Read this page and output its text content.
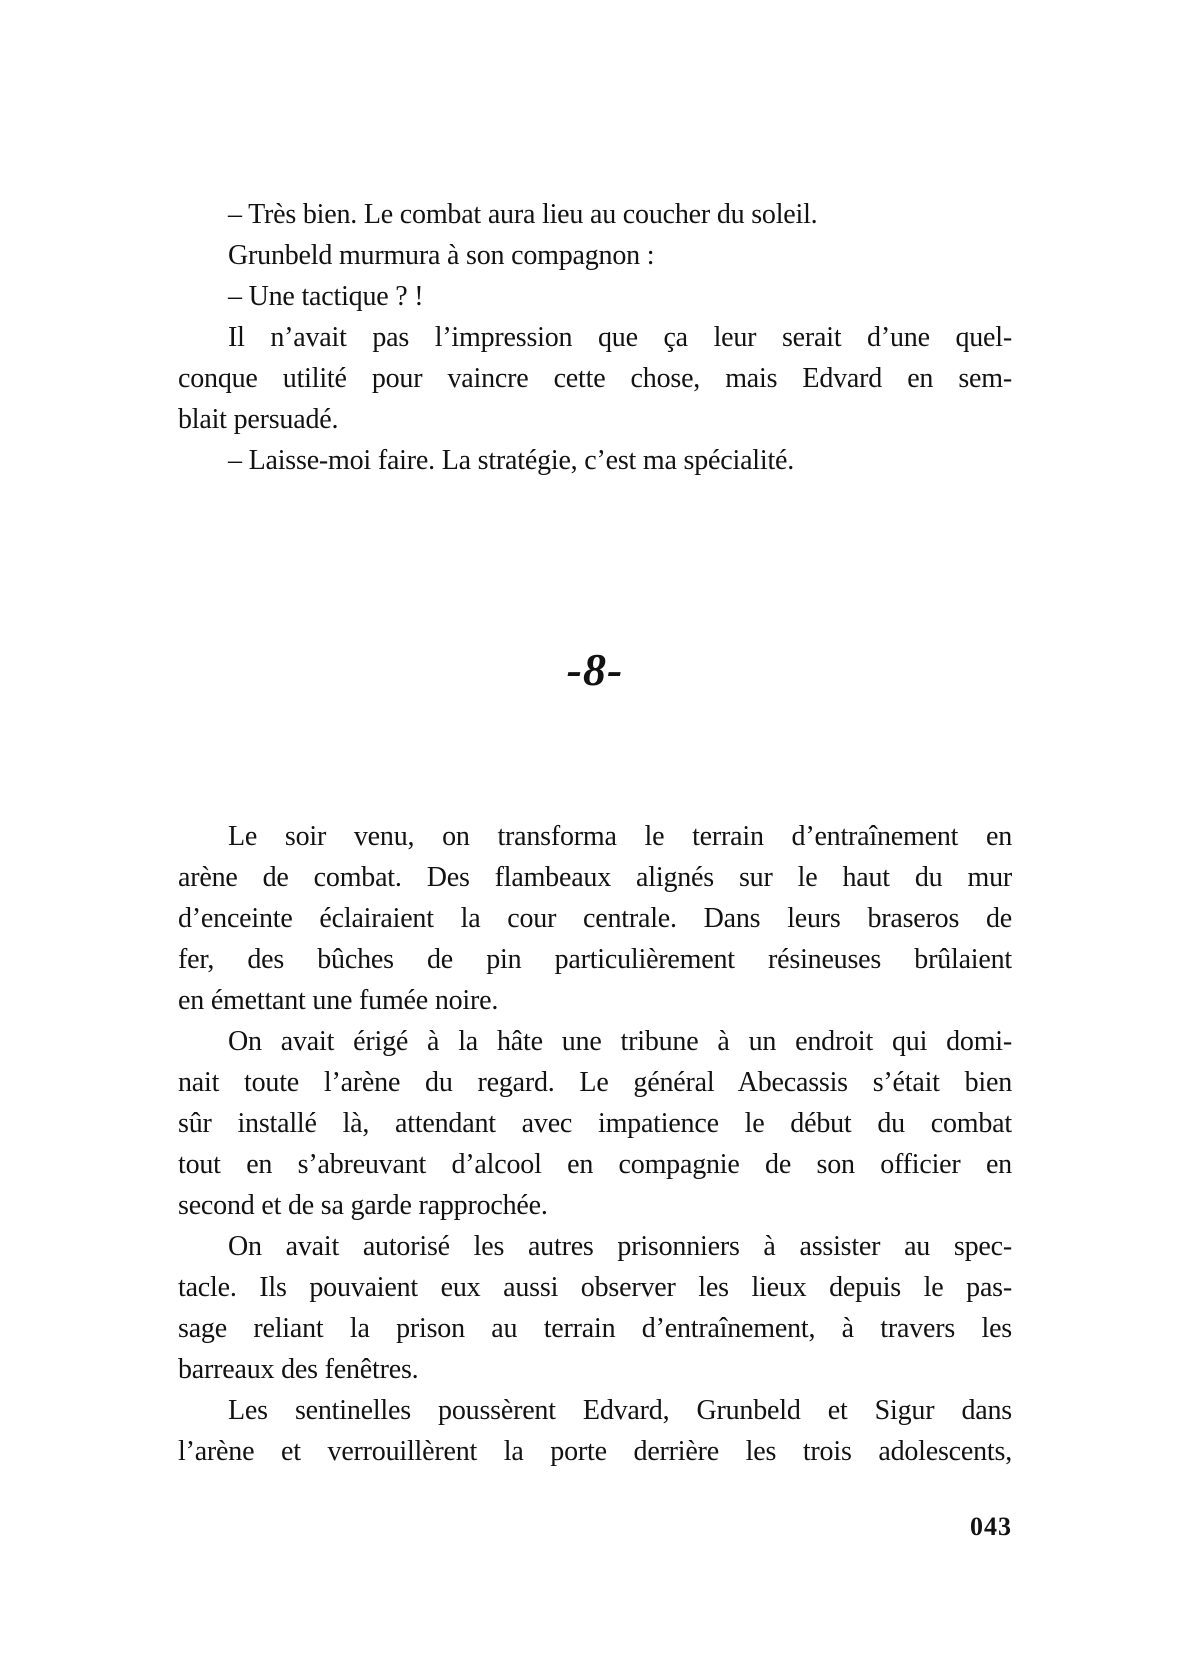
– Très bien. Le combat aura lieu au coucher du soleil.
Grunbeld murmura à son compagnon :
– Une tactique ? !
Il n’avait pas l’impression que ça leur serait d’une quel-
conque utilité pour vaincre cette chose, mais Edvard en sem-
blait persuadé.
– Laisse-moi faire. La stratégie, c’est ma spécialité.
-8-
Le soir venu, on transforma le terrain d’entraînement en
arène de combat. Des flambeaux alignés sur le haut du mur
d’enceinte éclairaient la cour centrale. Dans leurs braseros de
fer, des bûches de pin particulièrement résineuses brûlaient
en émettant une fumée noire.
On avait érigé à la hâte une tribune à un endroit qui domi-
nait toute l’arène du regard. Le général Abecassis s’était bien
sûr installé là, attendant avec impatience le début du combat
tout en s’abreuvant d’alcool en compagnie de son officier en
second et de sa garde rapprochée.
On avait autorisé les autres prisonniers à assister au spec-
tacle. Ils pouvaient eux aussi observer les lieux depuis le pas-
sage reliant la prison au terrain d’entraînement, à travers les
barreaux des fenêtres.
Les sentinelles poussèrent Edvard, Grunbeld et Sigur dans
l’arène et verrouillèrent la porte derrière les trois adolescents,
043
